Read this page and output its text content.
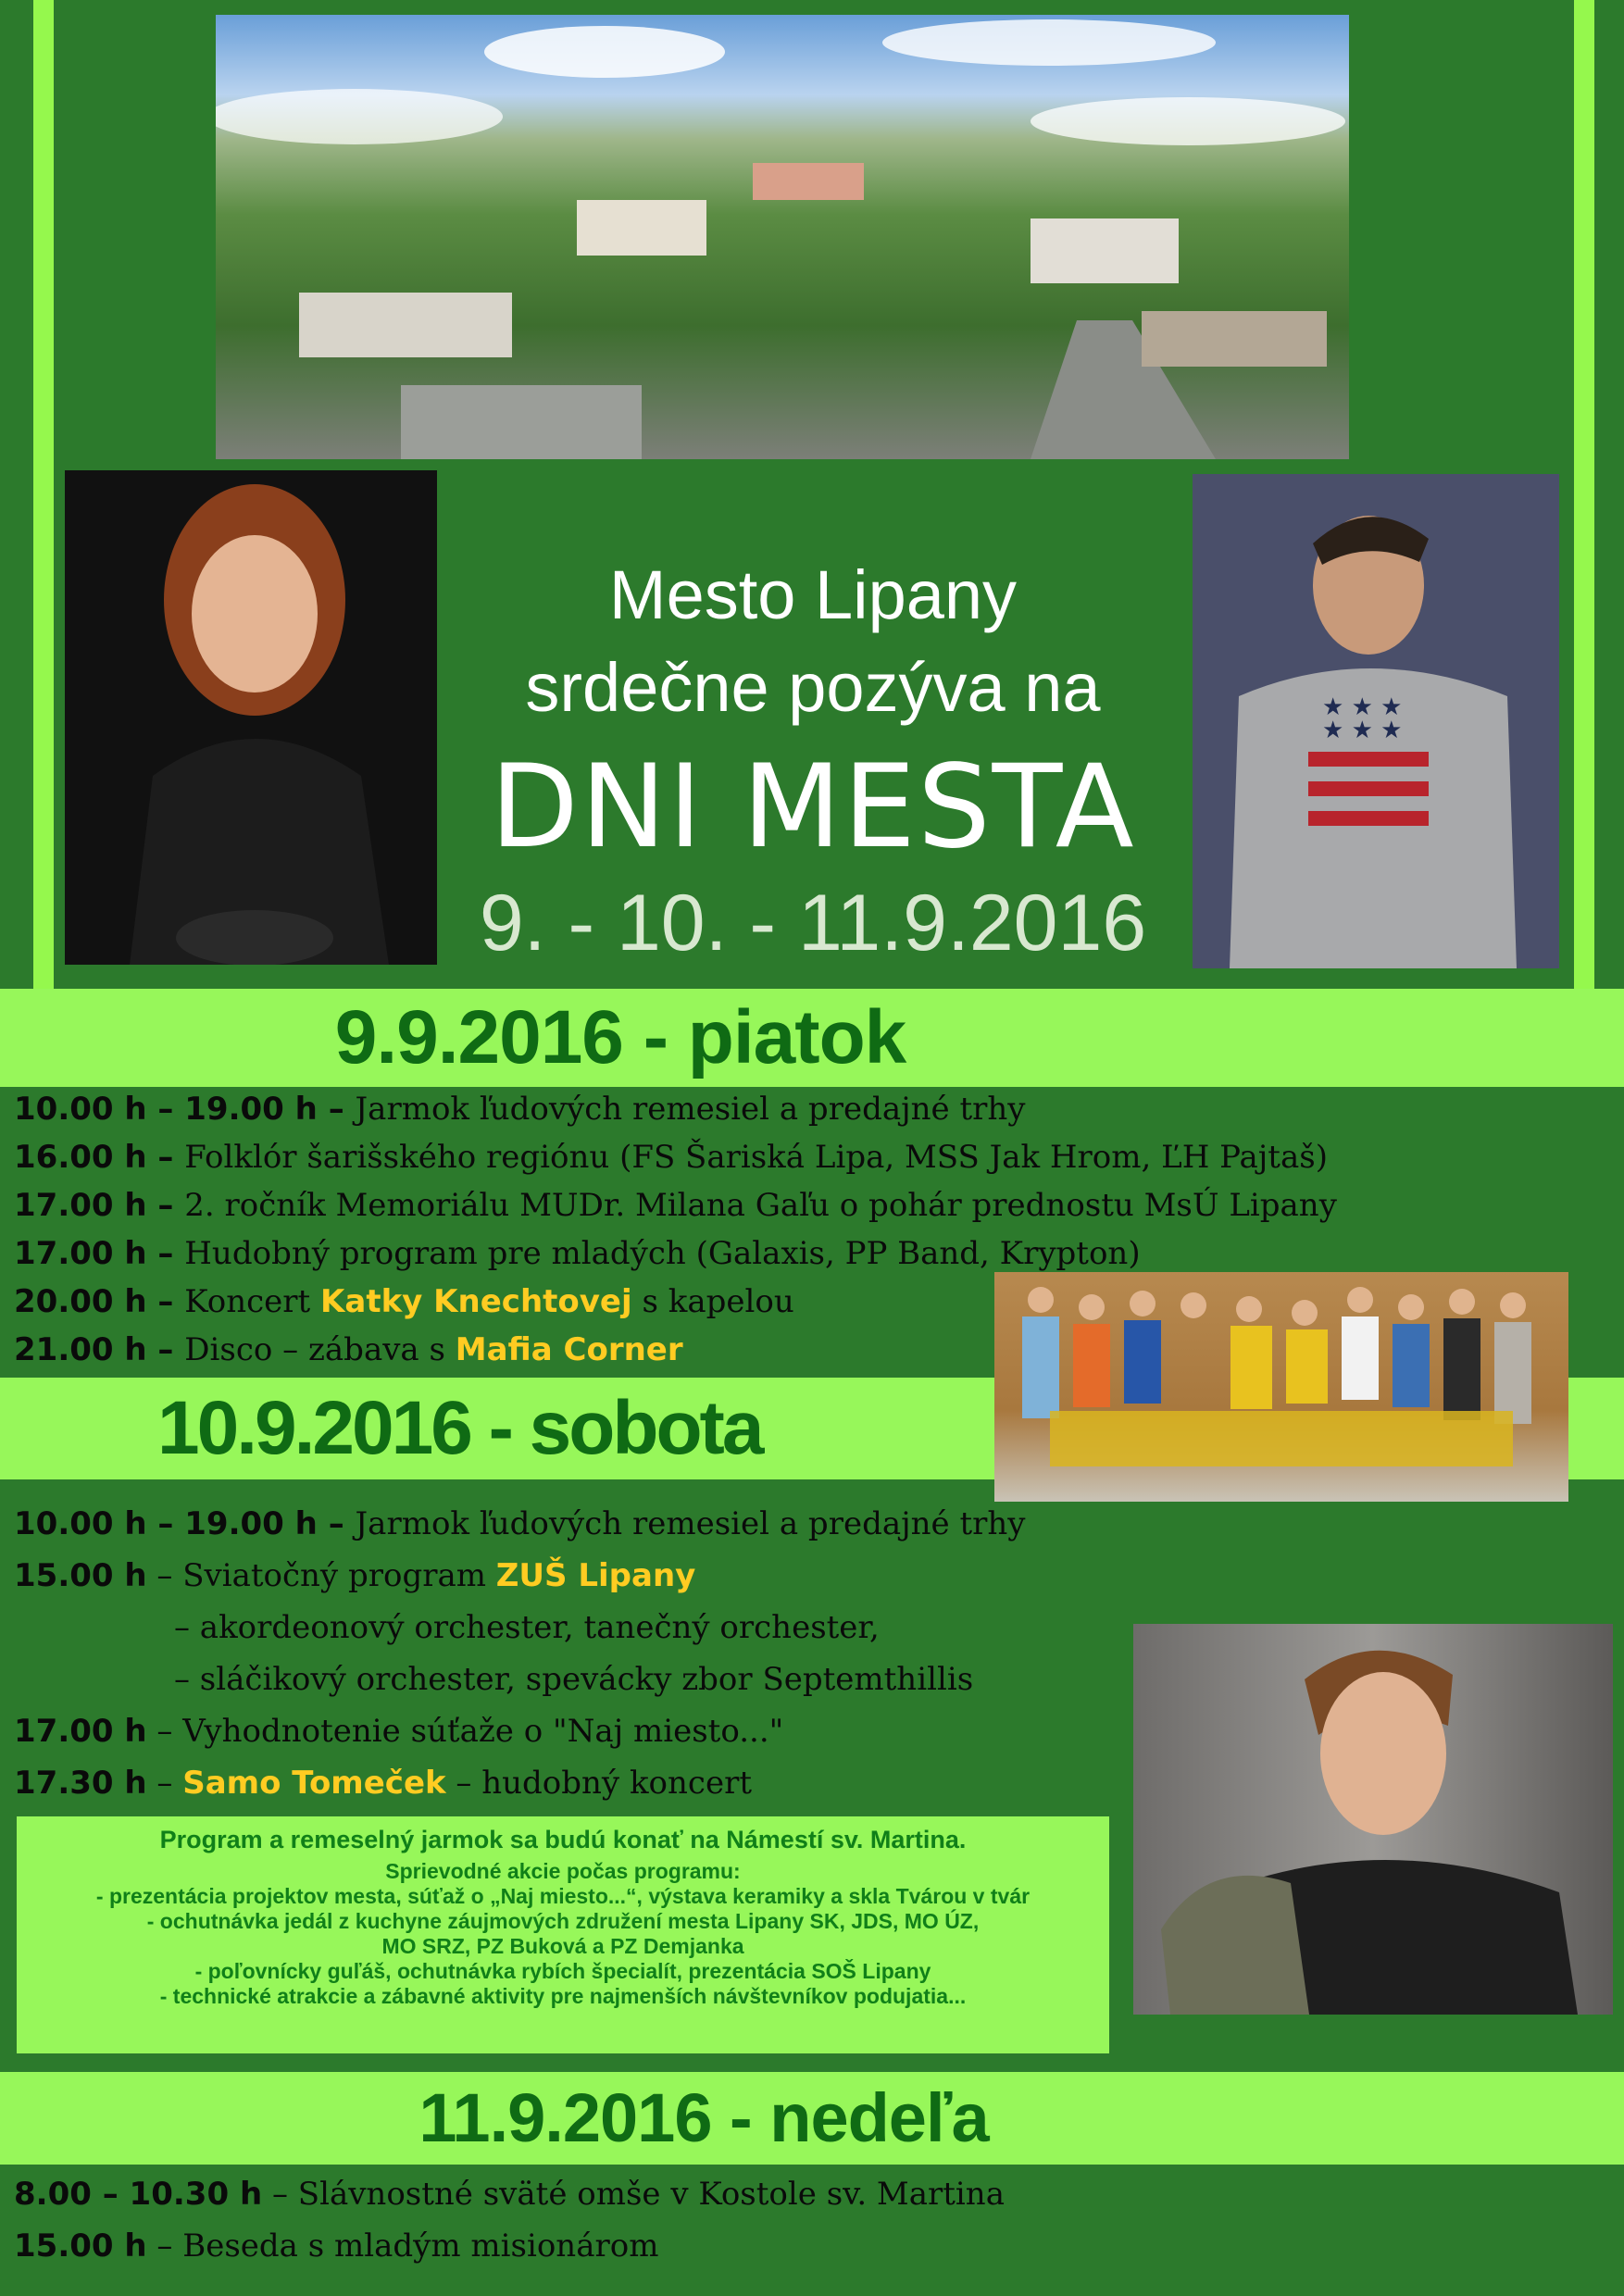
★ ★ ★
★ ★ ★
Mesto Lipany
srdečne pozýva na
DNI MESTA
9. - 10. - 11.9.2016
9.9.2016 - piatok
10.00 h – 19.00 h – Jarmok ľudových remesiel a predajné trhy
16.00 h – Folklór šarišského regiónu (FS Šariská Lipa, MSS Jak Hrom, ĽH Pajtaš)
17.00 h – 2. ročník Memoriálu MUDr. Milana Gaľu o pohár prednostu MsÚ Lipany
17.00 h – Hudobný program pre mladých (Galaxis, PP Band, Krypton)
20.00 h – Koncert Katky Knechtovej s kapelou
21.00 h – Disco – zábava s Mafia Corner
10.9.2016 - sobota
10.00 h – 19.00 h – Jarmok ľudových remesiel a predajné trhy
15.00 h – Sviatočný program ZUŠ Lipany
– akordeonový orchester, tanečný orchester,
– sláčikový orchester, spevácky zbor Septemthillis
17.00 h – Vyhodnotenie súťaže o "Naj miesto..."
17.30 h – Samo Tomeček – hudobný koncert
Program a remeselný jarmok sa budú konať na Námestí sv. Martina.
Sprievodné akcie počas programu:
- prezentácia projektov mesta, súťaž o „Naj miesto...“, výstava keramiky a skla Tvárou v tvár
- ochutnávka jedál z kuchyne záujmových združení mesta Lipany SK, JDS, MO ÚZ,
MO SRZ, PZ Buková a PZ Demjanka
- poľovnícky guľáš, ochutnávka rybích špecialít, prezentácia SOŠ Lipany
- technické atrakcie a zábavné aktivity pre najmenších návštevníkov podujatia...
11.9.2016 - nedeľa
8.00 – 10.30 h – Slávnostné sväté omše v Kostole sv. Martina
15.00 h – Beseda s mladým misionárom
